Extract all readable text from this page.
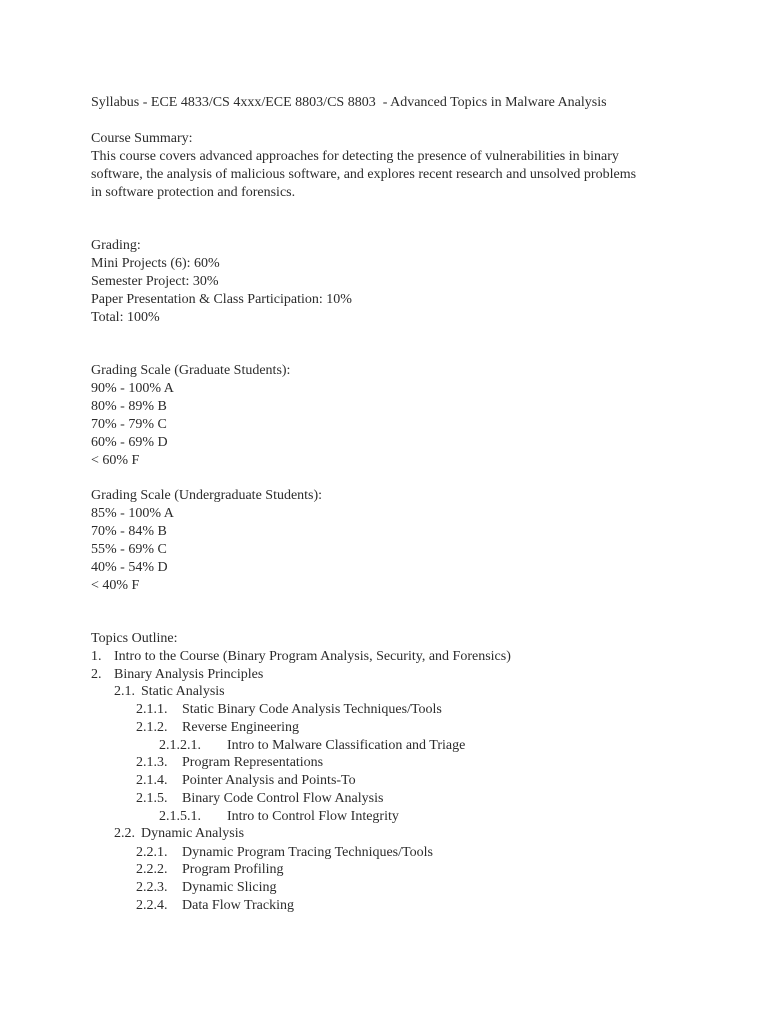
Syllabus - ECE 4833/CS 4xxx/ECE 8803/CS 8803  - Advanced Topics in Malware Analysis
Course Summary:
This course covers advanced approaches for detecting the presence of vulnerabilities in binary
software, the analysis of malicious software, and explores recent research and unsolved problems
in software protection and forensics.
Grading:
Mini Projects (6): 60%
Semester Project: 30%
Paper Presentation & Class Participation: 10%
Total: 100%
Grading Scale (Graduate Students):
90% - 100% A
80% - 89% B
70% - 79% C
60% - 69% D
< 60% F
Grading Scale (Undergraduate Students):
85% - 100% A
70% - 84% B
55% - 69% C
40% - 54% D
< 40% F
Topics Outline:
1. Intro to the Course (Binary Program Analysis, Security, and Forensics)
2. Binary Analysis Principles
2.1. Static Analysis
2.1.1. Static Binary Code Analysis Techniques/Tools
2.1.2. Reverse Engineering
2.1.2.1. Intro to Malware Classification and Triage
2.1.3. Program Representations
2.1.4. Pointer Analysis and Points-To
2.1.5. Binary Code Control Flow Analysis
2.1.5.1. Intro to Control Flow Integrity
2.2. Dynamic Analysis
2.2.1. Dynamic Program Tracing Techniques/Tools
2.2.2. Program Profiling
2.2.3. Dynamic Slicing
2.2.4. Data Flow Tracking
